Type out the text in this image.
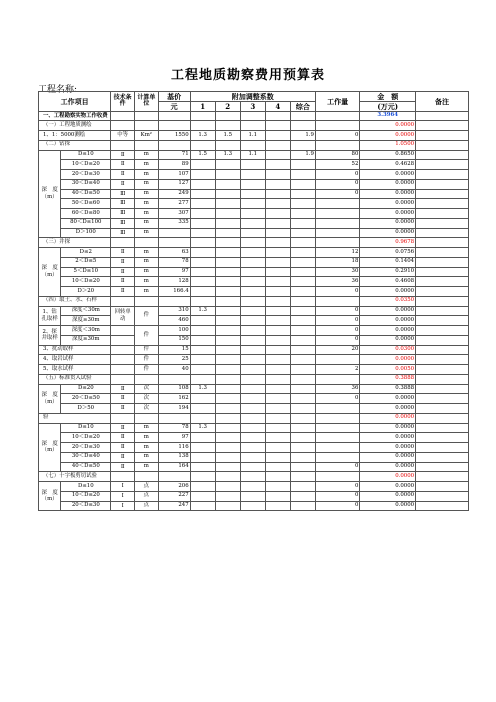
工程地质勘察费用预算表
工程名称:
工作项目		技术条件	计算单位	基价	附加调整系数					工作量	金　额	备注
				元	1	2	3	4	综合		(万元)	
一、工程勘察实物工作收费											3.3964	
（一）工程地质测绘											0.0000	
1、1：5000测绘		中等	Km²	1550	1.3	1.5	1.1		1.9	0	0.0000	
（二）钻探											1.0500	
深　度（m）	D≤10	Ⅱ	m	71	1.5	1.3	1.1		1.9	80	0.8650	
	10＜D≤20	Ⅱ	m	89						52	0.4628	
	20＜D≤30	Ⅱ	m	107						0	0.0000	
	30＜D≤40	Ⅱ	m	127						0	0.0000	
	40＜D≤50	Ⅲ	m	249						0	0.0000	
	50＜D≤60	Ⅲ	m	277							0.0000	
	60＜D≤80	Ⅲ	m	307							0.0000	
	80＜D≤100	Ⅲ	m	335							0.0000	
	D＞100	Ⅲ	m								0.0000	
（三）井探											0.9678	
深　度（m）	D≤2	Ⅱ	m	63						12	0.0756	
	2＜D≤5	Ⅱ	m	78						18	0.1404	
	5＜D≤10	Ⅱ	m	97						30	0.2910	
	10＜D≤20	Ⅱ	m	128						36	0.4608	
	D＞20	Ⅱ	m	166.4						0	0.0000	
（四）取土、水、石样											0.0350	
1、钻孔取样	深度＜30m	回转单动	件	310	1.3					0	0.0000	
	深度≥30m			460						0	0.0000	
2、探井取样	深度＜30m		件	100						0	0.0000	
	深度≥30m			150						0	0.0000	
3、扰动取样			件	15						20	0.0300	
4、取岩试样			件	25							0.0000	
5、取水试样			件	40						2	0.0050	
（五）标准贯入试验											0.3888	
深　度（m）	D≤20	Ⅱ	次	108	1.3					36	0.3888	
	20＜D≤50	Ⅱ	次	162						0	0.0000	
	D＞50	Ⅱ	次	194							0.0000	
验											0.0000	
深　度（m）	D≤10	Ⅱ	m	78	1.3						0.0000	
	10＜D≤20	Ⅱ	m	97							0.0000	
	20＜D≤30	Ⅱ	m	116							0.0000	
	30＜D≤40	Ⅱ	m	138							0.0000	
	40＜D≤50	Ⅱ	m	164						0	0.0000	
（七）十字板剪切试验											0.0000	
深　度（m）	D≤10	Ⅰ	点	206						0	0.0000	
	10＜D≤20	Ⅰ	点	227						0	0.0000	
	20＜D≤30	Ⅰ	点	247						0	0.0000	
